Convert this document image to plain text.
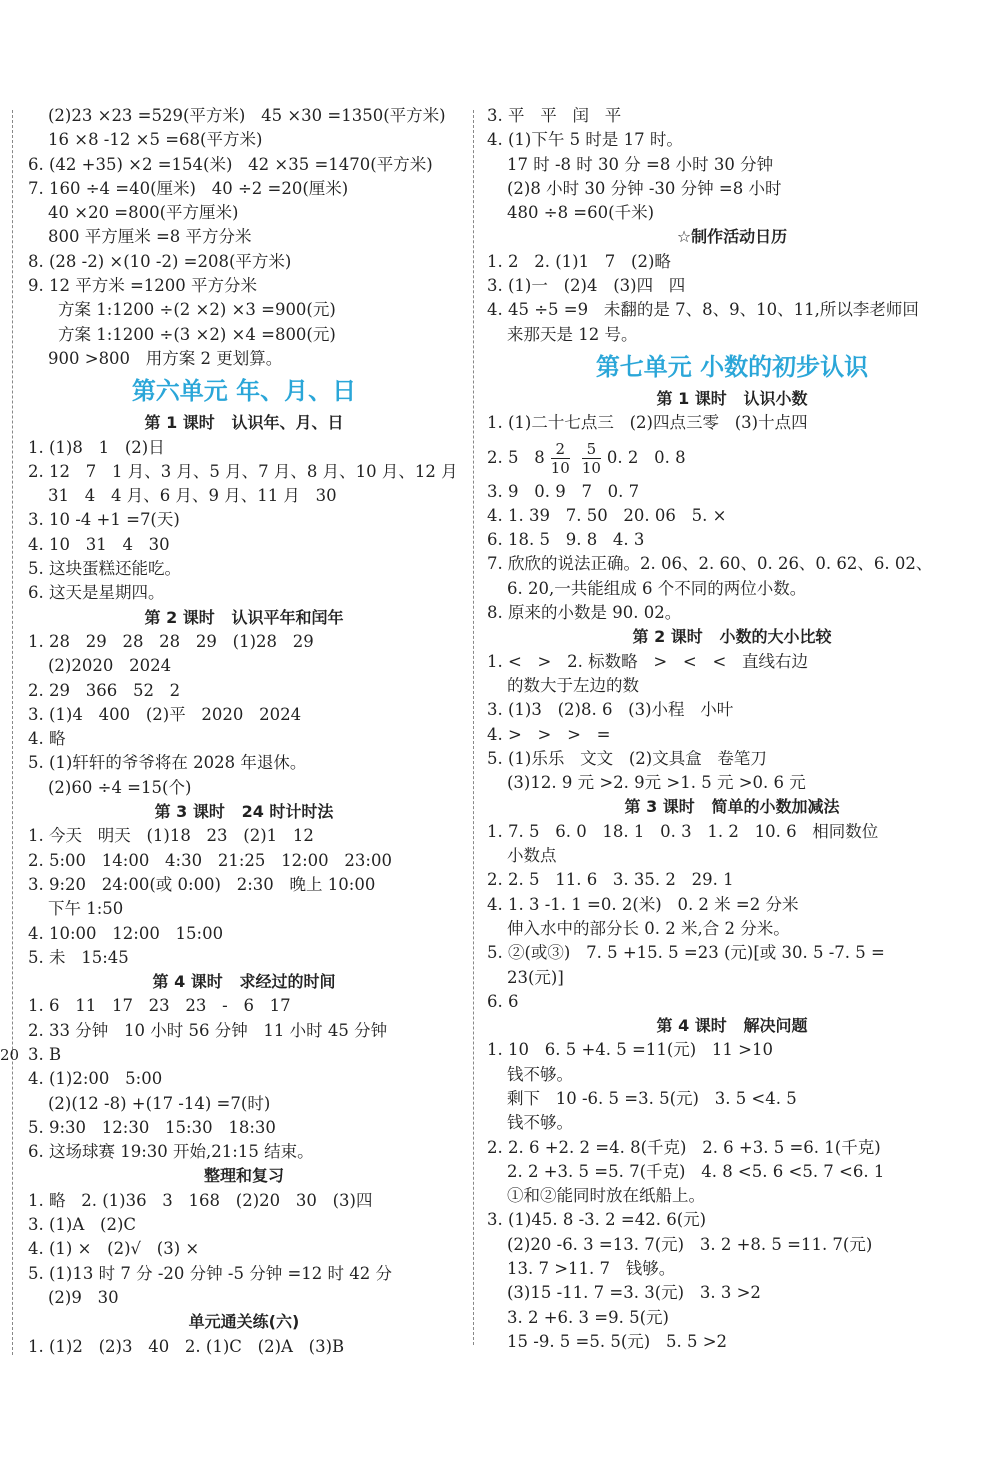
20
(2)23 ×23 =529(平方米)   45 ×30 =1350(平方米)
16 ×8 -12 ×5 =68(平方米)
6. (42 +35) ×2 =154(米)   42 ×35 =1470(平方米)
7. 160 ÷4 =40(厘米)   40 ÷2 =20(厘米)
40 ×20 =800(平方厘米)
800 平方厘米 =8 平方分米
8. (28 -2) ×(10 -2) =208(平方米)
9. 12 平方米 =1200 平方分米
方案 1:1200 ÷(2 ×2) ×3 =900(元)
方案 1:1200 ÷(3 ×2) ×4 =800(元)
900 >800   用方案 2 更划算。
第六单元 年、月、日
第 1 课时   认识年、月、日
1. (1)8   1   (2)日
2. 12   7   1 月、3 月、5 月、7 月、8 月、10 月、12 月
31   4   4 月、6 月、9 月、11 月   30
3. 10 -4 +1 =7(天)
4. 10   31   4   30
5. 这块蛋糕还能吃。
6. 这天是星期四。
第 2 课时   认识平年和闰年
1. 28   29   28   28   29   (1)28   29
(2)2020   2024
2. 29   366   52   2
3. (1)4   400   (2)平   2020   2024
4. 略
5. (1)轩轩的爷爷将在 2028 年退休。
(2)60 ÷4 =15(个)
第 3 课时   24 时计时法
1. 今天   明天   (1)18   23   (2)1   12
2. 5:00   14:00   4:30   21:25   12:00   23:00
3. 9:20   24:00(或 0:00)   2:30   晚上 10:00
下午 1:50
4. 10:00   12:00   15:00
5. 未   15:45
第 4 课时   求经过的时间
1. 6   11   17   23   23   -   6   17
2. 33 分钟   10 小时 56 分钟   11 小时 45 分钟
3. B
4. (1)2:00   5:00
(2)(12 -8) +(17 -14) =7(时)
5. 9:30   12:30   15:30   18:30
6. 这场球赛 19:30 开始,21:15 结束。
整理和复习
1. 略   2. (1)36   3   168   (2)20   30   (3)四
3. (1)A   (2)C
4. (1) ×   (2)√   (3) ×
5. (1)13 时 7 分 -20 分钟 -5 分钟 =12 时 42 分
(2)9   30
单元通关练(六)
1. (1)2   (2)3   40   2. (1)C   (2)A   (3)B
3. 平   平   闰   平
4. (1)下午 5 时是 17 时。
17 时 -8 时 30 分 =8 小时 30 分钟
(2)8 小时 30 分钟 -30 分钟 =8 小时
480 ÷8 =60(千米)
☆制作活动日历
1. 2   2. (1)1   7   (2)略
3. (1)一   (2)4   (3)四   四
4. 45 ÷5 =9   未翻的是 7、8、9、10、11,所以李老师回
来那天是 12 号。
第七单元 小数的初步认识
第 1 课时   认识小数
1. (1)二十七点三   (2)四点三零   (3)十点四
2. 5   $8 \frac{2}{10} \frac{5}{10} 0$. 2   0. 8
3. 9   0. 9   7   0. 7
4. 1. 39   7. 50   20. 06   5. ×
6. 18. 5   9. 8   4. 3
7. 欣欣的说法正确。2. 06、2. 60、0. 26、0. 62、6. 02、
6. 20,一共能组成 6 个不同的两位小数。
8. 原来的小数是 90. 02。
第 2 课时   小数的大小比较
1. <   >   2. 标数略   >   <   <   直线右边
的数大于左边的数
3. (1)3   (2)8. 6   (3)小程   小叶
4. >   >   >   =
5. (1)乐乐   文文   (2)文具盒   卷笔刀
(3)12. 9 元 >2. 9元 >1. 5 元 >0. 6 元
第 3 课时   简单的小数加减法
1. 7. 5   6. 0   18. 1   0. 3   1. 2   10. 6   相同数位
小数点
2. 2. 5   11. 6   3. 35. 2   29. 1
4. 1. 3 -1. 1 =0. 2(米)   0. 2 米 =2 分米
伸入水中的部分长 0. 2 米,合 2 分米。
5. ②(或③)   7. 5 +15. 5 =23 (元)[或 30. 5 -7. 5 =
23(元)]
6. 6
第 4 课时   解决问题
1. 10   6. 5 +4. 5 =11(元)   11 >10
钱不够。
剩下   10 -6. 5 =3. 5(元)   3. 5 <4. 5
钱不够。
2. 2. 6 +2. 2 =4. 8(千克)   2. 6 +3. 5 =6. 1(千克)
2. 2 +3. 5 =5. 7(千克)   4. 8 <5. 6 <5. 7 <6. 1
①和②能同时放在纸船上。
3. (1)45. 8 -3. 2 =42. 6(元)
(2)20 -6. 3 =13. 7(元)   3. 2 +8. 5 =11. 7(元)
13. 7 >11. 7   钱够。
(3)15 -11. 7 =3. 3(元)   3. 3 >2
3. 2 +6. 3 =9. 5(元)
15 -9. 5 =5. 5(元)   5. 5 >2
